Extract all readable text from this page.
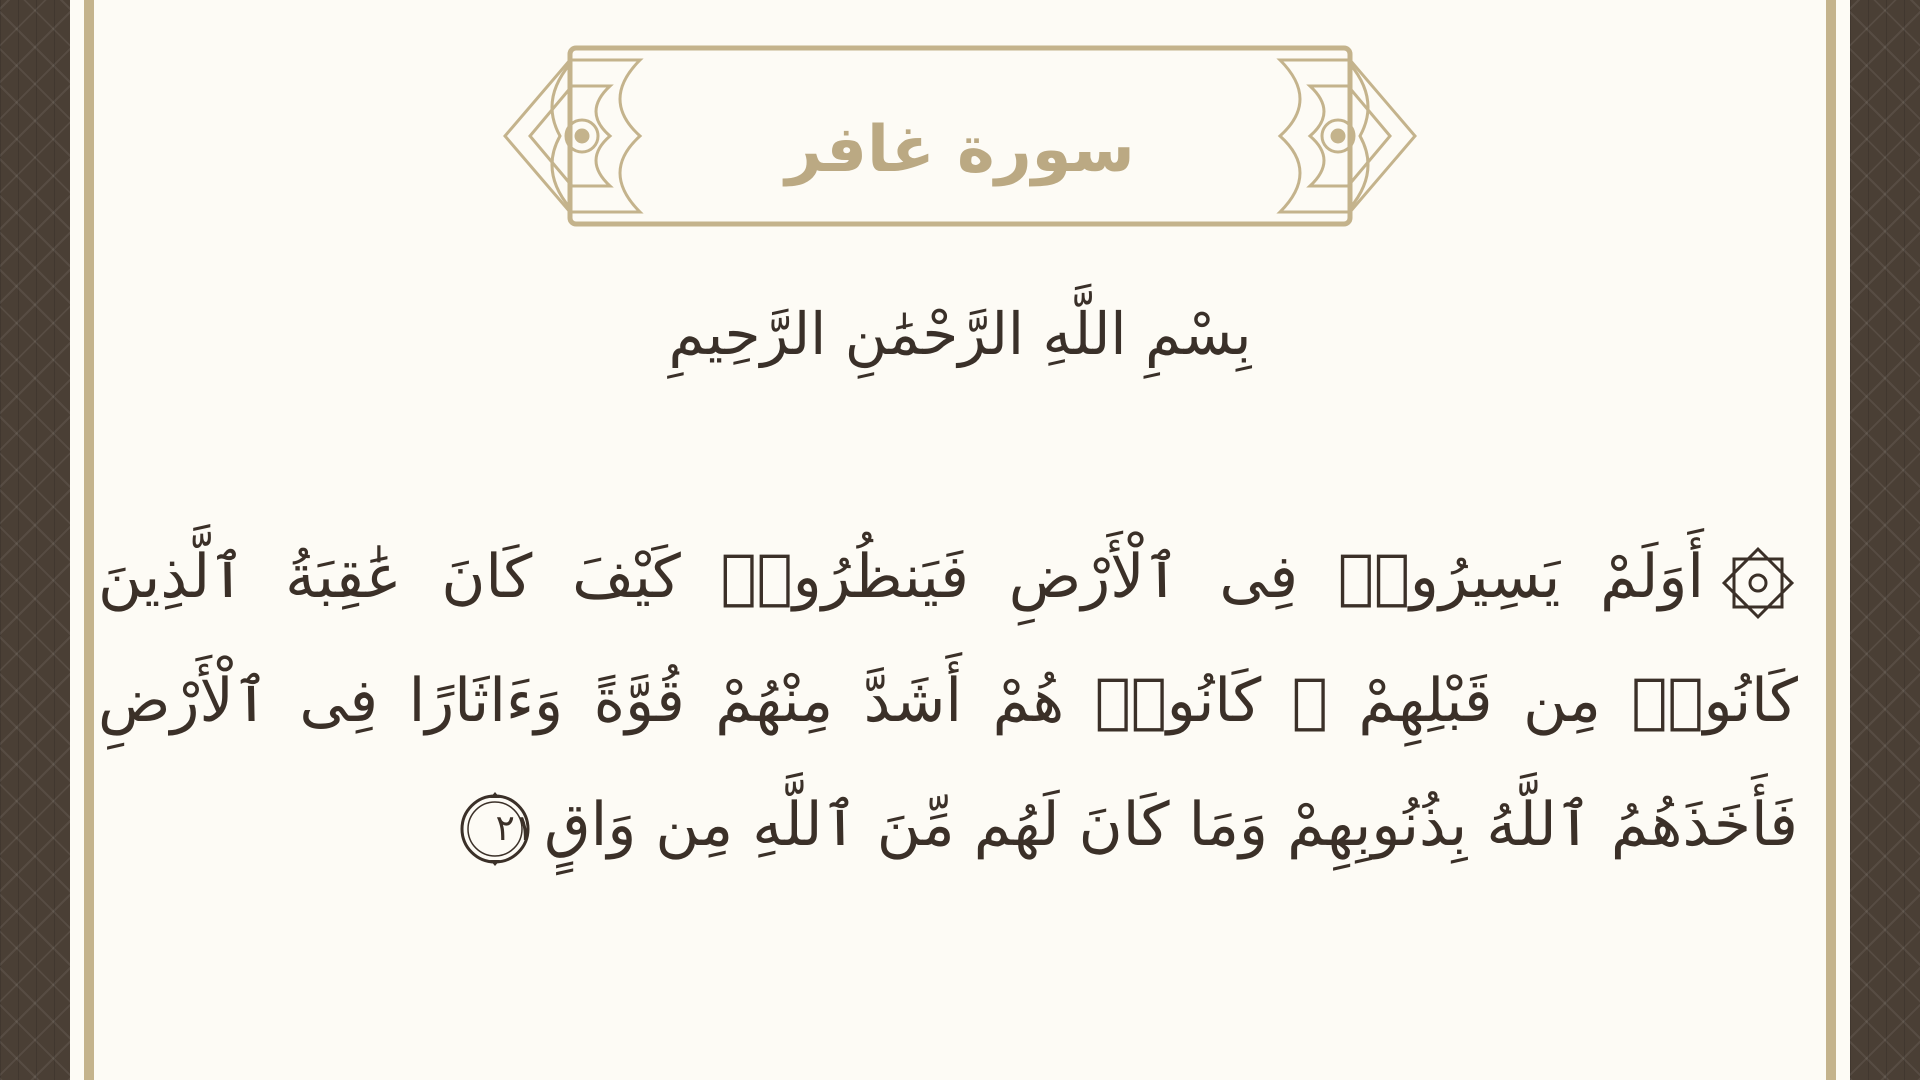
سورة غافر
بِسْمِ اللَّهِ الرَّحْمَٰنِ الرَّحِيمِ
أَوَلَمْ يَسِيرُوا۟ فِى ٱلْأَرْضِ فَيَنظُرُوا۟ كَيْفَ كَانَ عَٰقِبَةُ ٱلَّذِينَ كَانُوا۟ مِن قَبْلِهِمْ ۚ كَانُوا۟ هُمْ أَشَدَّ مِنْهُمْ قُوَّةً وَءَاثَارًا فِى ٱلْأَرْضِ فَأَخَذَهُمُ ٱللَّهُ بِذُنُوبِهِمْ وَمَا كَانَ لَهُم مِّنَ ٱللَّهِ مِن وَاقٍ
٢١
